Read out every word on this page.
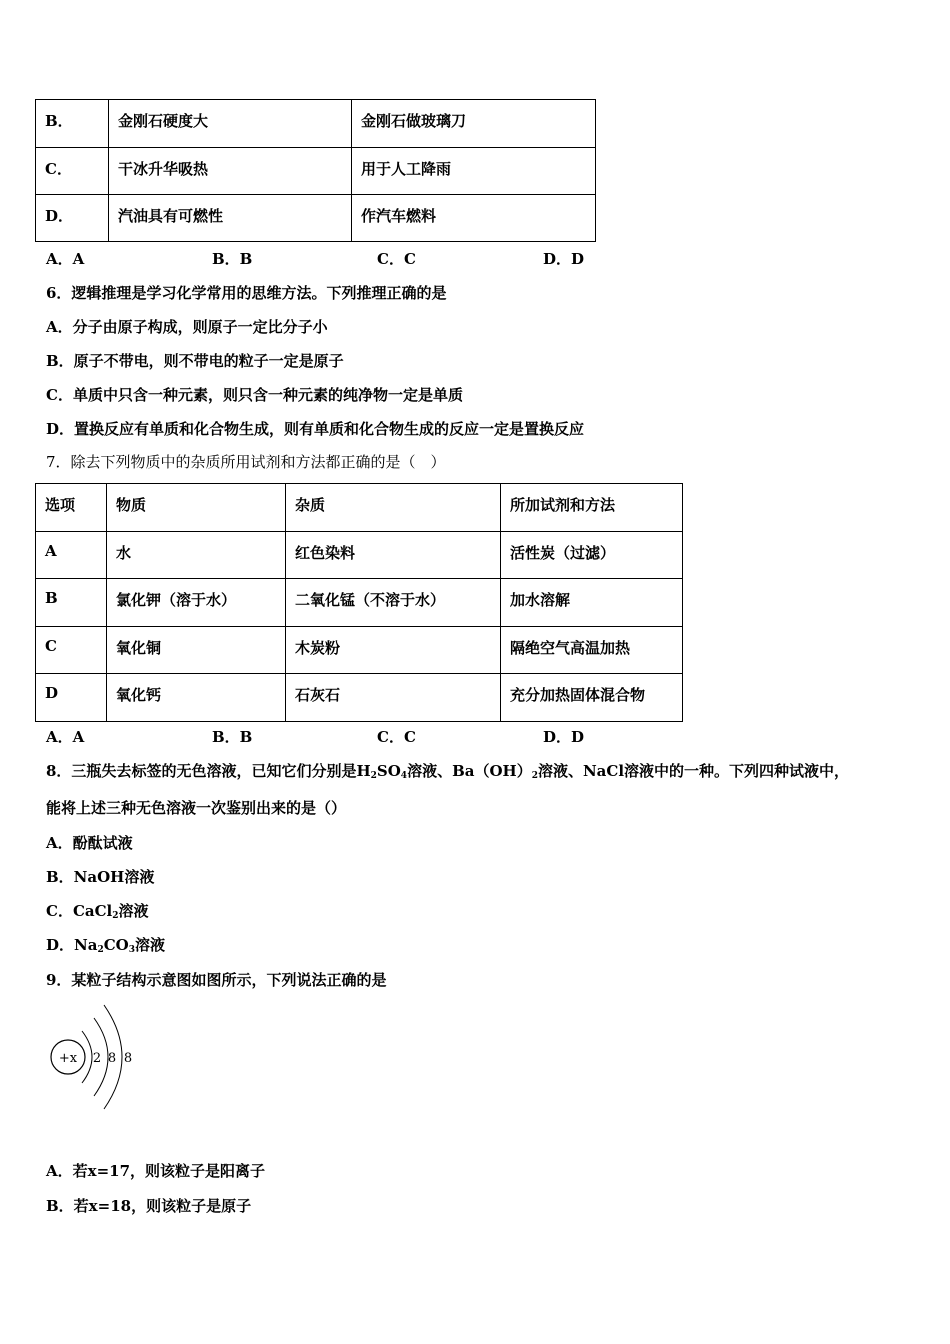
B．	金刚石硬度大	金刚石做玻璃刀
C．	干冰升华吸热	用于人工降雨
D．	汽油具有可燃性	作汽车燃料
A．A	B．B	C．C	D．D
6．逻辑推理是学习化学常用的思维方法。下列推理正确的是
A．分子由原子构成，则原子一定比分子小
B．原子不带电，则不带电的粒子一定是原子
C．单质中只含一种元素，则只含一种元素的纯净物一定是单质
D．置换反应有单质和化合物生成，则有单质和化合物生成的反应一定是置换反应
7．除去下列物质中的杂质所用试剂和方法都正确的是（　）
选项	物质	杂质	所加试剂和方法
A	水	红色染料	活性炭（过滤）
B	氯化钾（溶于水）	二氧化锰（不溶于水）	加水溶解
C	氧化铜	木炭粉	隔绝空气高温加热
D	氧化钙	石灰石	充分加热固体混合物
A．A	B．B	C．C	D．D
8．三瓶失去标签的无色溶液，已知它们分别是$H_2SO_4$溶液、$Ba(OH)_2$溶液、NaCl溶液中的一种。下列四种试液中，
能将上述三种无色溶液一次鉴别出来的是（）
A．酚酞试液
B．NaOH溶液
C．CaCl$_2$溶液
D．$Na_2CO_3$溶液
9．某粒子结构示意图如图所示，下列说法正确的是
+x 2 8 8
A．若x=17，则该粒子是阳离子
B．若x=18，则该粒子是原子
